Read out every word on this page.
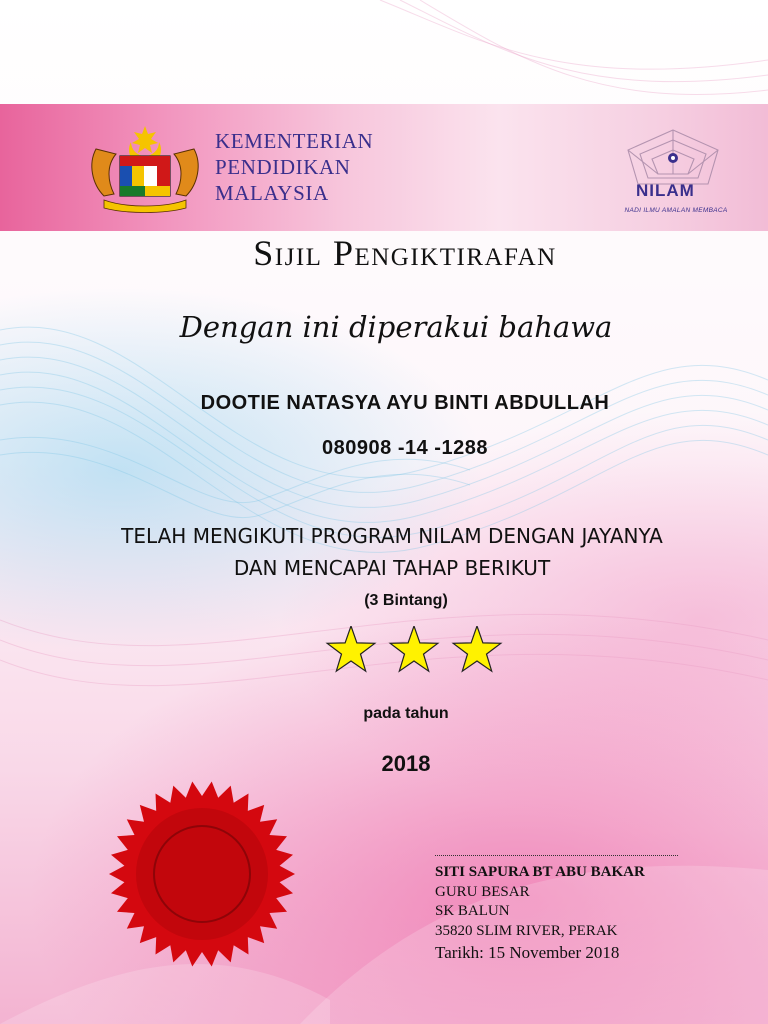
KEMENTERIAN
PENDIDIKAN
MALAYSIA	NILAM
NADI ILMU AMALAN MEMBACA
Sijil Pengiktirafan
Dengan ini diperakui bahawa
DOOTIE NATASYA AYU BINTI ABDULLAH
080908 -14 -1288
TELAH MENGIKUTI PROGRAM NILAM DENGAN JAYANYA
DAN MENCAPAI TAHAP BERIKUT
(3 Bintang)
pada tahun
2018
SITI SAPURA BT ABU BAKAR
GURU BESAR
SK BALUN
35820 SLIM RIVER, PERAK
Tarikh: 15 November 2018
